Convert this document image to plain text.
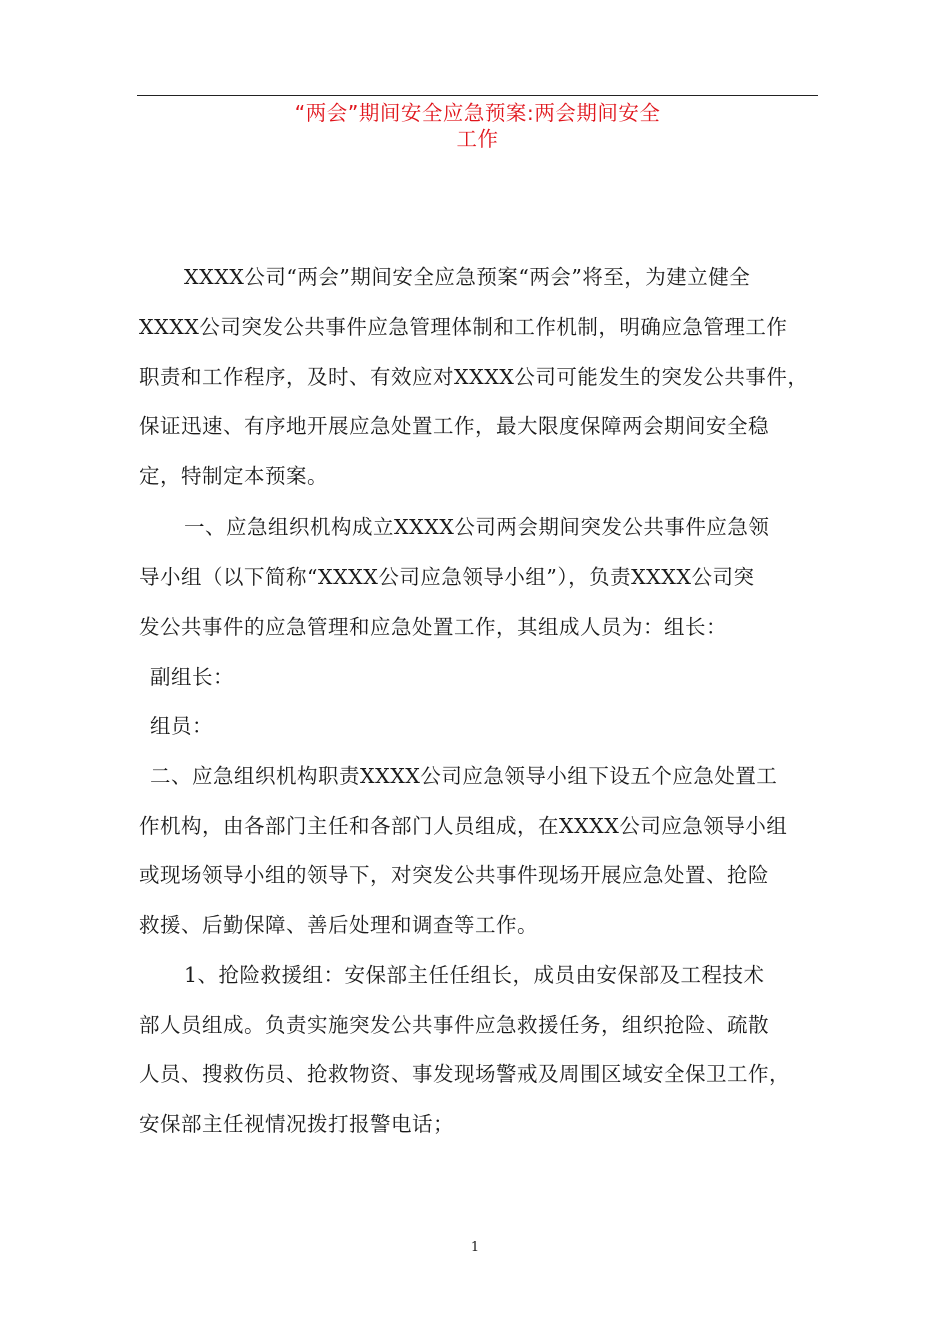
“两会”期间安全应急预案:两会期间安全
工作
XXXX公司“两会”期间安全应急预案“两会”将至，为建立健全
XXXX公司突发公共事件应急管理体制和工作机制，明确应急管理工作
职责和工作程序，及时、有效应对XXXX公司可能发生的突发公共事件，
保证迅速、有序地开展应急处置工作，最大限度保障两会期间安全稳
定，特制定本预案。
一、应急组织机构成立XXXX公司两会期间突发公共事件应急领
导小组（以下简称“XXXX公司应急领导小组”），负责XXXX公司突
发公共事件的应急管理和应急处置工作，其组成人员为：组长：
副组长：
组员：
二、应急组织机构职责XXXX公司应急领导小组下设五个应急处置工
作机构，由各部门主任和各部门人员组成，在XXXX公司应急领导小组
或现场领导小组的领导下，对突发公共事件现场开展应急处置、抢险
救援、后勤保障、善后处理和调查等工作。
1、抢险救援组：安保部主任任组长，成员由安保部及工程技术
部人员组成。负责实施突发公共事件应急救援任务，组织抢险、疏散
人员、搜救伤员、抢救物资、事发现场警戒及周围区域安全保卫工作，
安保部主任视情况拨打报警电话；
1
